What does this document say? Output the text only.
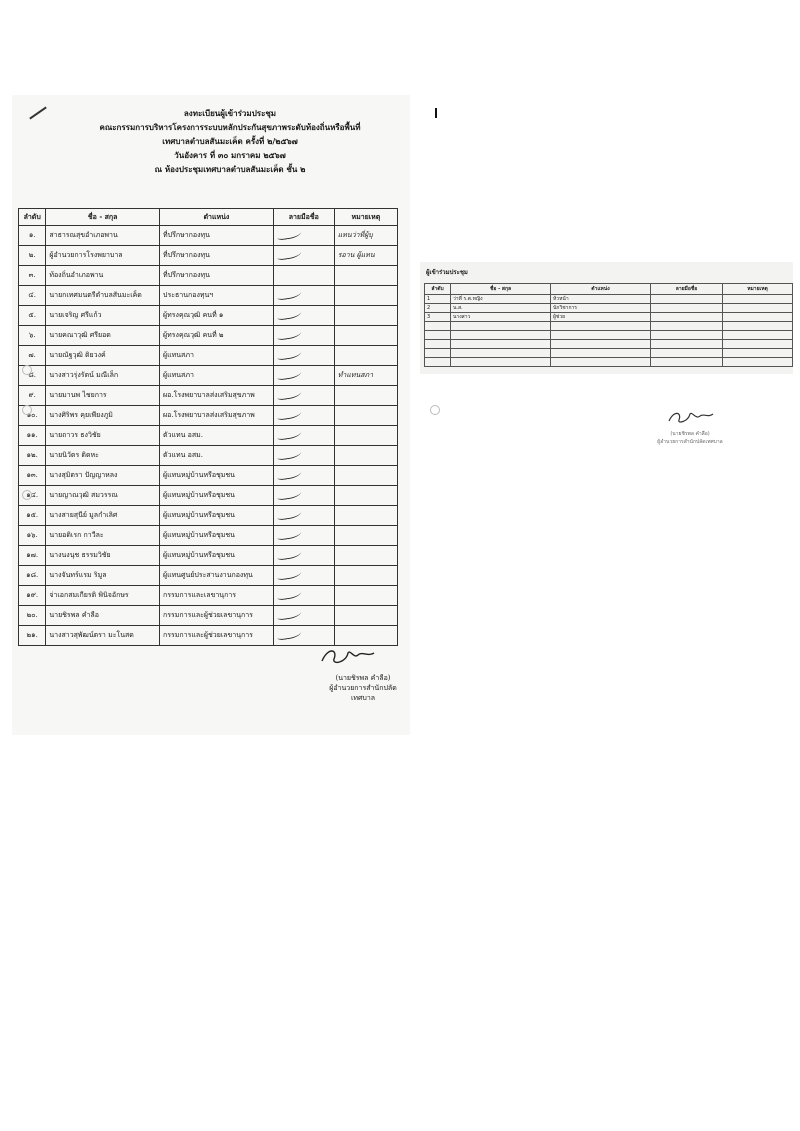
ลงทะเบียนผู้เข้าร่วมประชุม
คณะกรรมการบริหารโครงการระบบหลักประกันสุขภาพระดับท้องถิ่นหรือพื้นที่
เทศบาลตำบลสันมะเค็ด ครั้งที่ ๒/๒๕๖๗
วันอังคาร ที่ ๓๐ มกราคม ๒๕๖๗
ณ ห้องประชุมเทศบาลตำบลสันมะเค็ด ชั้น ๒
ลำดับ	ชื่อ - สกุล	ตำแหน่ง	ลายมือชื่อ	หมายเหตุ
๑.	สาธารณสุขอำเภอพาน	ที่ปรึกษากองทุน		แทนว่าที่ผู้บุ
๒.	ผู้อำนวยการโรงพยาบาล	ที่ปรึกษากองทุน		รอาน ผู้แทน
๓.	ท้องถิ่นอำเภอพาน	ที่ปรึกษากองทุน		
๔.	นายกเทศมนตรีตำบลสันมะเค็ด	ประธานกองทุนฯ		
๕.	นายเจริญ ศรีแก้ว	ผู้ทรงคุณวุฒิ คนที่ ๑		
๖.	นายคณาวุฒิ ศรียอด	ผู้ทรงคุณวุฒิ คนที่ ๒		
๗.	นายณัฐวุฒิ ติยวงค์	ผู้แทนสภา		
๘.	นางสาวรุ่งรัตน์ มณีเล็ก	ผู้แทนสภา		ทำแทนสภา
๙.	นายมานพ ไชยการ	ผอ.โรงพยาบาลส่งเสริมสุขภาพ		
๑๐.	นางศิริพร คุยเพียงภูมิ	ผอ.โรงพยาบาลส่งเสริมสุขภาพ		
๑๑.	นายถาวร ธงวิชัย	ตัวแทน อสม.		
๑๒.	นายนิวัตร ติดหะ	ตัวแทน อสม.		
๑๓.	นางสุมิตรา ปัญญาหลง	ผู้แทนหมู่บ้านหรือชุมชน		
๑๔.	นายญาณวุฒิ สมวรรณ	ผู้แทนหมู่บ้านหรือชุมชน		
๑๕.	นางสายสุนีย์ มูลกำเลิศ	ผู้แทนหมู่บ้านหรือชุมชน		
๑๖.	นายอดิเรก กาวีละ	ผู้แทนหมู่บ้านหรือชุมชน		
๑๗.	นางนงนุช ธรรมวิชัย	ผู้แทนหมู่บ้านหรือชุมชน		
๑๘.	นางจันทร์แรม ริมูล	ผู้แทนศูนย์ประสานงานกองทุน		
๑๙.	จ่าเอกสมเกียรติ พินิจอักษร	กรรมการและเลขานุการ		
๒๐.	นายชิรพล คำลือ	กรรมการและผู้ช่วยเลขานุการ		
๒๑.	นางสาวสุพัฒน์ตรา มะโนสด	กรรมการและผู้ช่วยเลขานุการ		
(นายชิรพล คำลือ)
ผู้อำนวยการสำนักปลัดเทศบาล
ผู้เข้าร่วมประชุม
ลำดับ	ชื่อ - สกุล	ตำแหน่ง	ลายมือชื่อ	หมายเหตุ
1	ว่าที่ ร.ต.หญิง	ห้วหน้า		
2	น.ส.	นักวิชาการ		
3	นางสาว	ผู้ช่วย		

(นายชิรพล คำลือ)
ผู้อำนวยการสำนักปลัดเทศบาล
